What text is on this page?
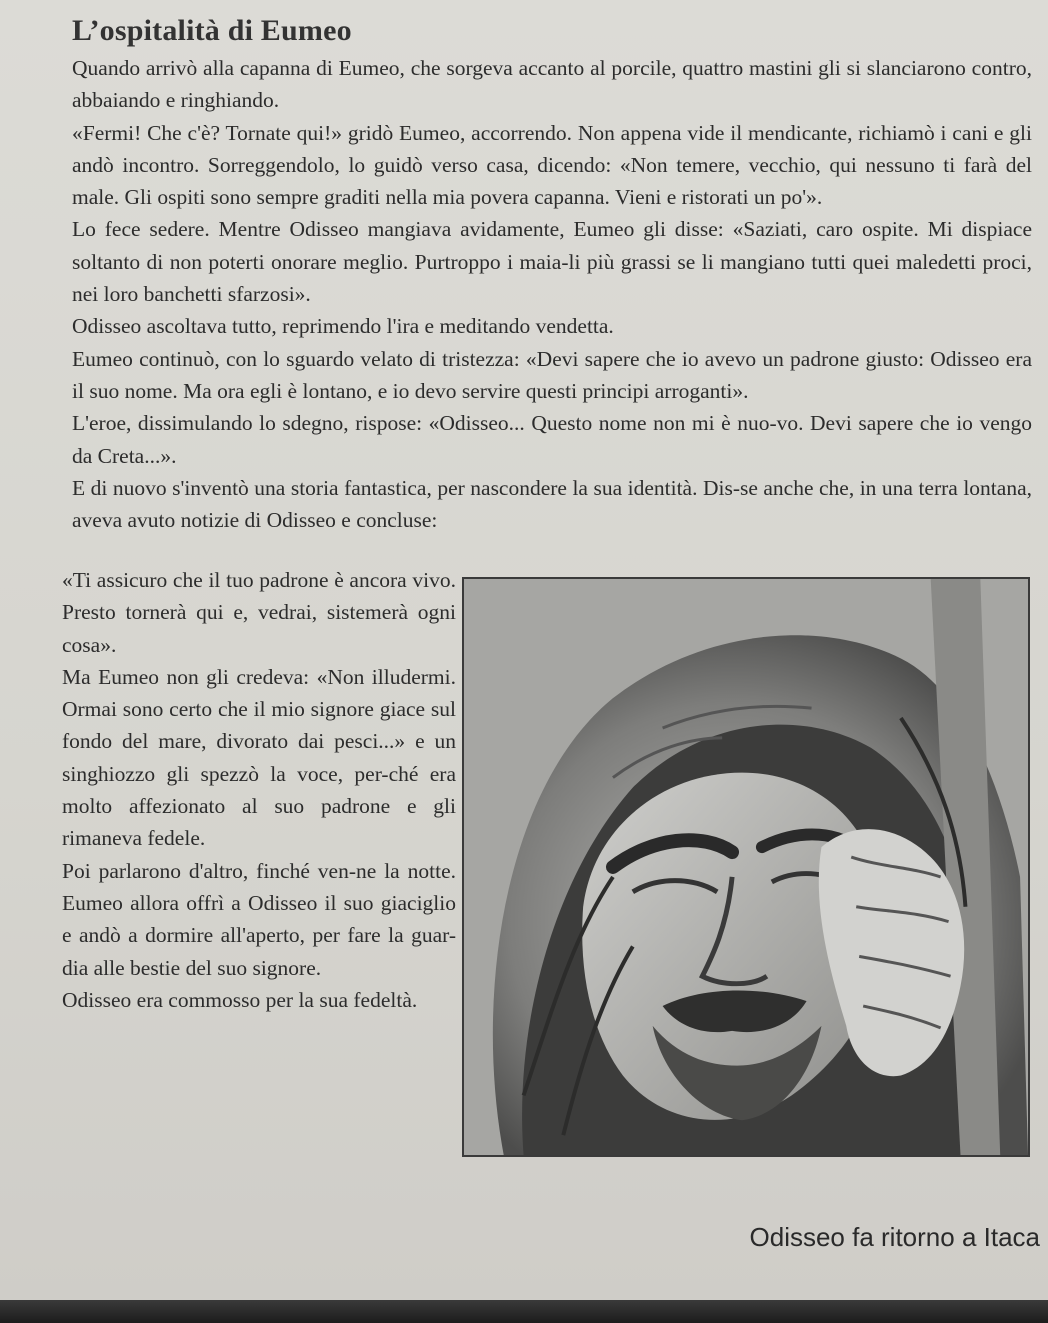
L’ospitalità di Eumeo

Quando arrivò alla capanna di Eumeo, che sorgeva accanto al porcile, quattro mastini gli si slanciarono contro, abbaiando e ringhiando.

«Fermi! Che c'è? Tornate qui!» gridò Eumeo, accorrendo. Non appena vide il mendicante, richiamò i cani e gli andò incontro. Sorreggendolo, lo guidò verso casa, dicendo: «Non temere, vecchio, qui nessuno ti farà del male. Gli ospiti sono sempre graditi nella mia povera capanna. Vieni e ristorati un po'».

Lo fece sedere. Mentre Odisseo mangiava avidamente, Eumeo gli disse: «Saziati, caro ospite. Mi dispiace soltanto di non poterti onorare meglio. Purtroppo i maia-li più grassi se li mangiano tutti quei maledetti proci, nei loro banchetti sfarzosi».

Odisseo ascoltava tutto, reprimendo l'ira e meditando vendetta.

Eumeo continuò, con lo sguardo velato di tristezza: «Devi sapere che io avevo un padrone giusto: Odisseo era il suo nome. Ma ora egli è lontano, e io devo servire questi principi arroganti».

L'eroe, dissimulando lo sdegno, rispose: «Odisseo... Questo nome non mi è nuo-vo. Devi sapere che io vengo da Creta...».

E di nuovo s'inventò una storia fantastica, per nascondere la sua identità. Dis-se anche che, in una terra lontana, aveva avuto notizie di Odisseo e concluse:

«Ti assicuro che il tuo padrone è ancora vivo. Presto tornerà qui e, vedrai, sistemerà ogni cosa».

Ma Eumeo non gli credeva: «Non illudermi. Ormai sono certo che il mio signore giace sul fondo del mare, divorato dai pesci...» e un singhiozzo gli spezzò la voce, per-ché era molto affezionato al suo padrone e gli rimaneva fedele.

Poi parlarono d'altro, finché ven-ne la notte. Eumeo allora offrì a Odisseo il suo giaciglio e andò a dormire all'aperto, per fare la guar-dia alle bestie del suo signore.

Odisseo era commosso per la sua fedeltà.

Odisseo fa ritorno a Itaca
